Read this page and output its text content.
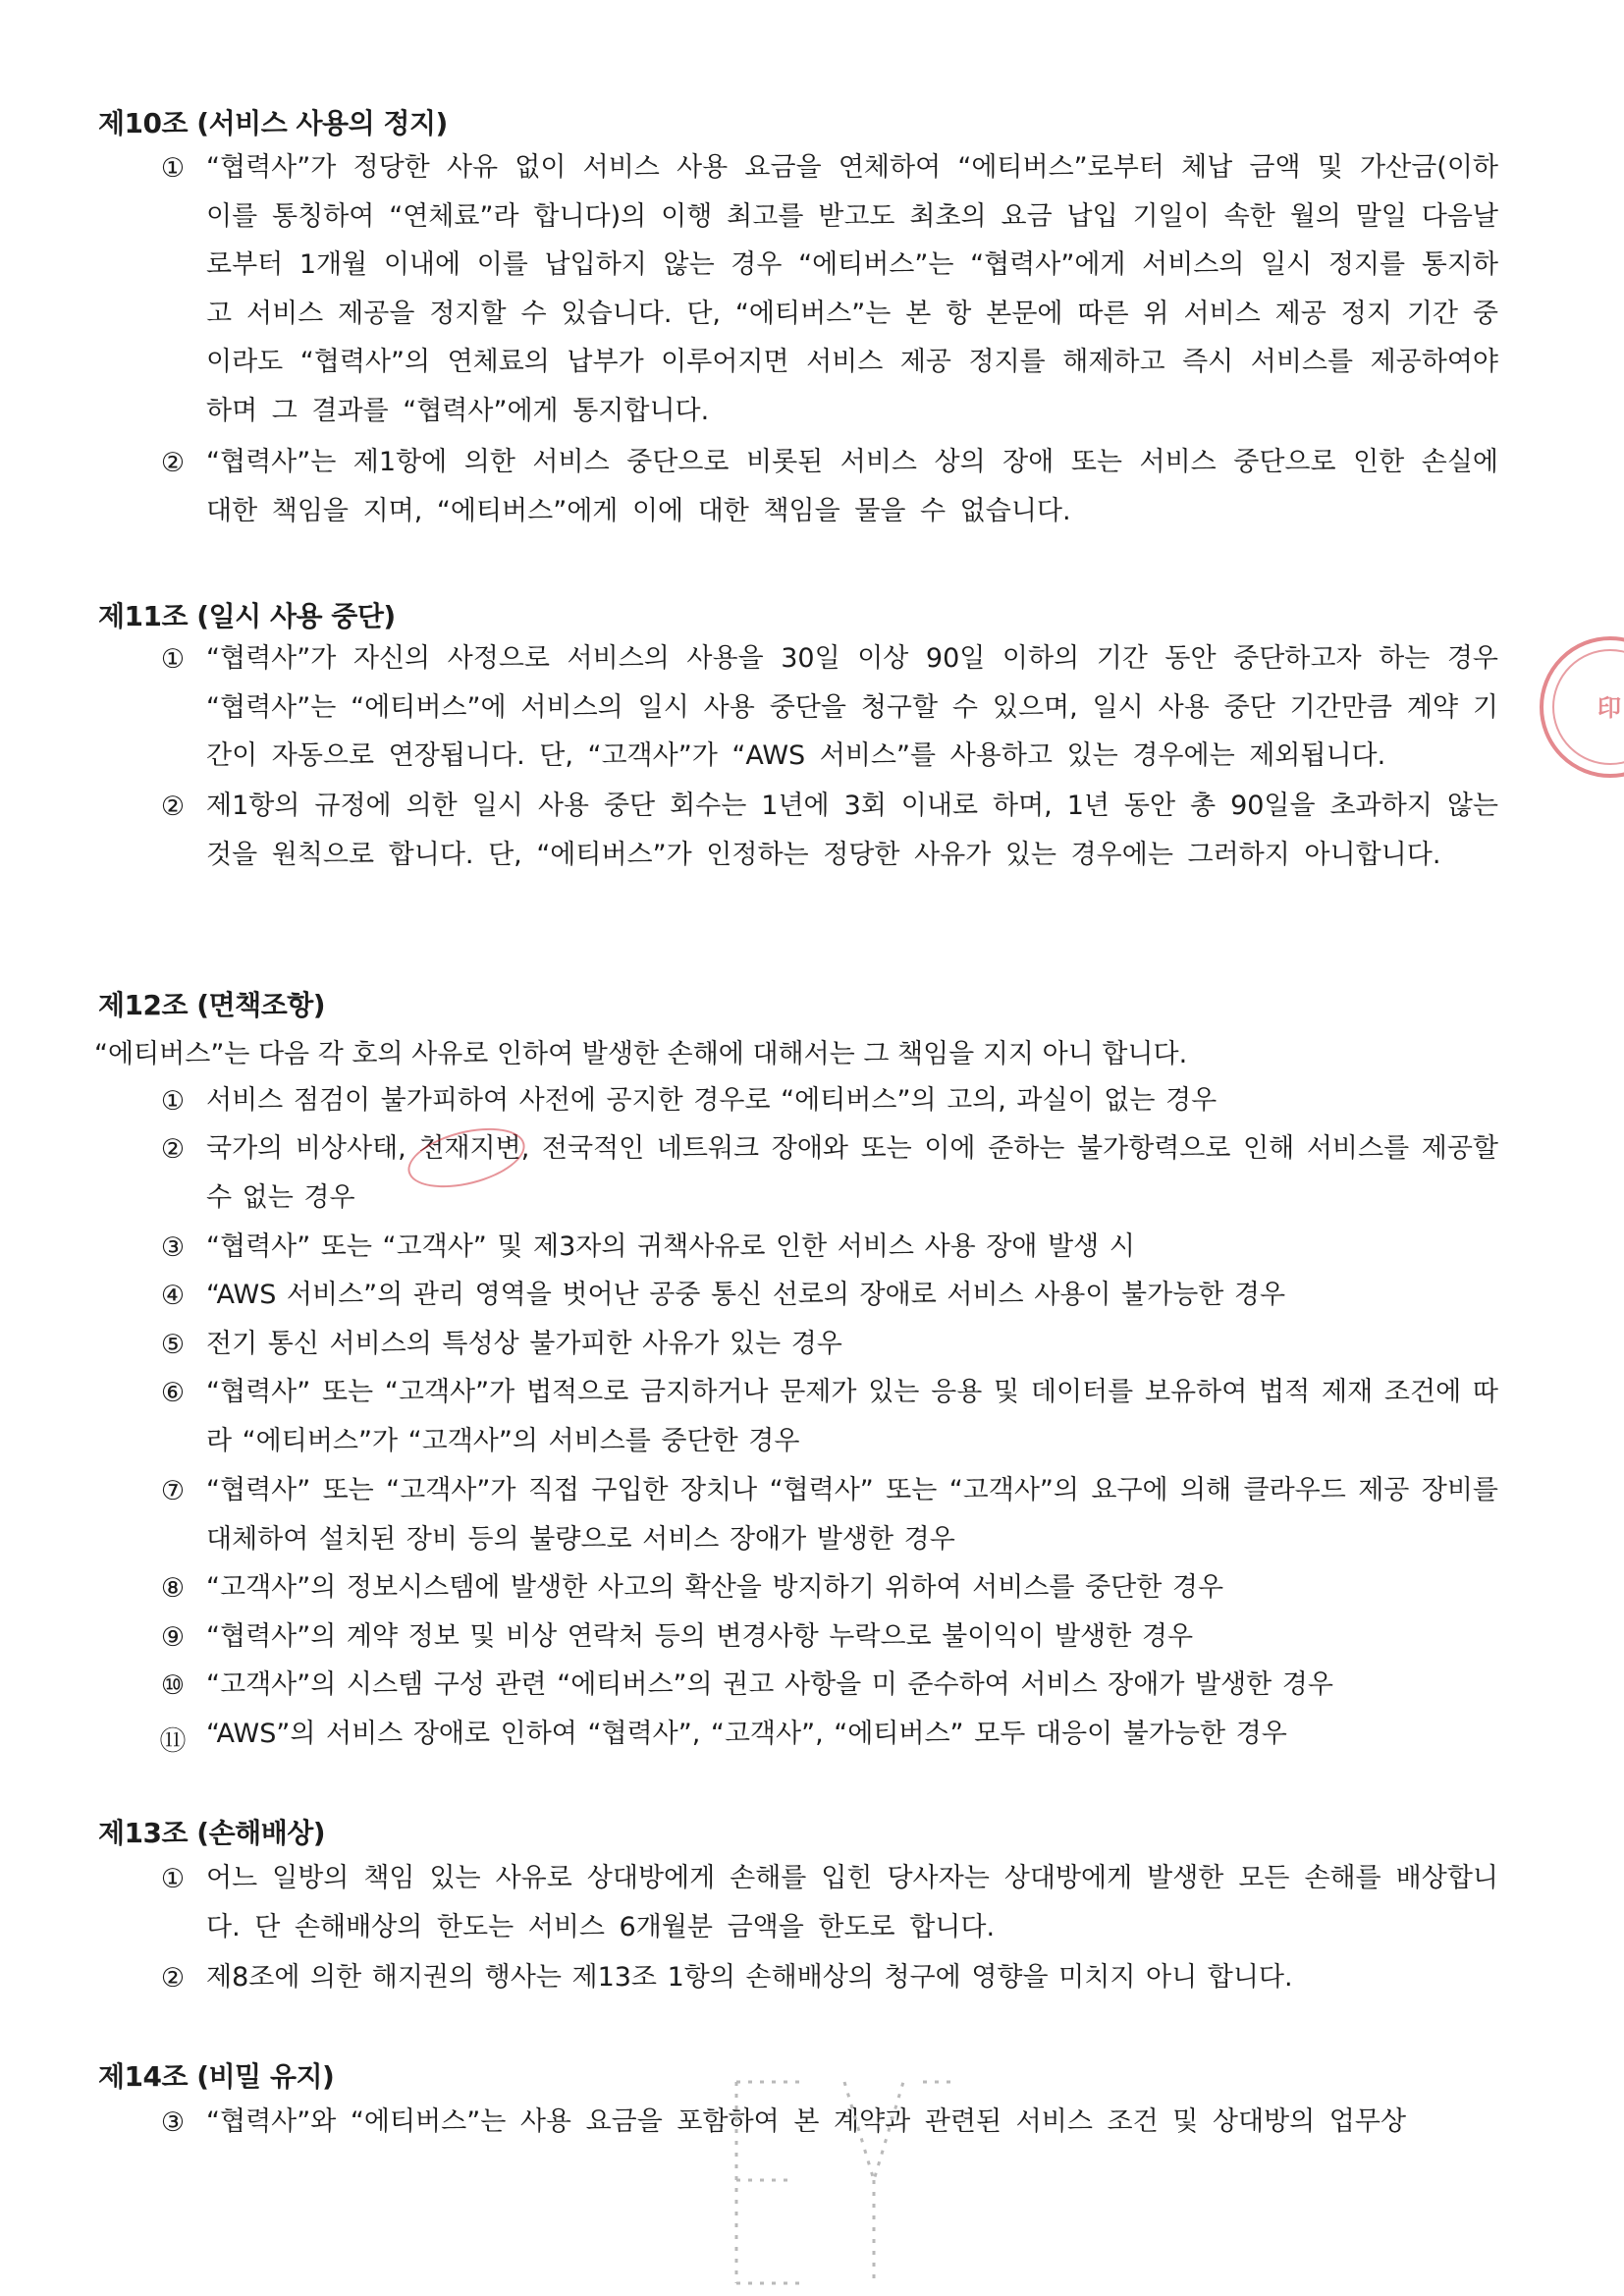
제10조 (서비스 사용의 정지)
① “협력사”가 정당한 사유 없이 서비스 사용 요금을 연체하여 “에티버스”로부터 체납 금액 및 가산금(이하 이를 통칭하여 “연체료”라 합니다)의 이행 최고를 받고도 최초의 요금 납입 기일이 속한 월의 말일 다음날로부터 1개월 이내에 이를 납입하지 않는 경우 “에티버스”는 “협력사”에게 서비스의 일시 정지를 통지하고 서비스 제공을 정지할 수 있습니다. 단, “에티버스”는 본 항 본문에 따른 위 서비스 제공 정지 기간 중이라도 “협력사”의 연체료의 납부가 이루어지면 서비스 제공 정지를 해제하고 즉시 서비스를 제공하여야 하며 그 결과를 “협력사”에게 통지합니다.
② “협력사”는 제1항에 의한 서비스 중단으로 비롯된 서비스 상의 장애 또는 서비스 중단으로 인한 손실에 대한 책임을 지며, “에티버스”에게 이에 대한 책임을 물을 수 없습니다.
제11조 (일시 사용 중단)
① “협력사”가 자신의 사정으로 서비스의 사용을 30일 이상 90일 이하의 기간 동안 중단하고자 하는 경우 “협력사”는 “에티버스”에 서비스의 일시 사용 중단을 청구할 수 있으며, 일시 사용 중단 기간만큼 계약 기간이 자동으로 연장됩니다. 단, “고객사”가 “AWS 서비스”를 사용하고 있는 경우에는 제외됩니다.
② 제1항의 규정에 의한 일시 사용 중단 회수는 1년에 3회 이내로 하며, 1년 동안 총 90일을 초과하지 않는 것을 원칙으로 합니다. 단, “에티버스”가 인정하는 정당한 사유가 있는 경우에는 그러하지 아니합니다.
제12조 (면책조항)
“에티버스”는 다음 각 호의 사유로 인하여 발생한 손해에 대해서는 그 책임을 지지 아니 합니다.
① 서비스 점검이 불가피하여 사전에 공지한 경우로 “에티버스”의 고의, 과실이 없는 경우
② 국가의 비상사태, 천재지변, 전국적인 네트워크 장애와 또는 이에 준하는 불가항력으로 인해 서비스를 제공할 수 없는 경우
③ “협력사” 또는 “고객사” 및 제3자의 귀책사유로 인한 서비스 사용 장애 발생 시
④ “AWS 서비스”의 관리 영역을 벗어난 공중 통신 선로의 장애로 서비스 사용이 불가능한 경우
⑤ 전기 통신 서비스의 특성상 불가피한 사유가 있는 경우
⑥ “협력사” 또는 “고객사”가 법적으로 금지하거나 문제가 있는 응용 및 데이터를 보유하여 법적 제재 조건에 따라 “에티버스”가 “고객사”의 서비스를 중단한 경우
⑦ “협력사” 또는 “고객사”가 직접 구입한 장치나 “협력사” 또는 “고객사”의 요구에 의해 클라우드 제공 장비를 대체하여 설치된 장비 등의 불량으로 서비스 장애가 발생한 경우
⑧ “고객사”의 정보시스템에 발생한 사고의 확산을 방지하기 위하여 서비스를 중단한 경우
⑨ “협력사”의 계약 정보 및 비상 연락처 등의 변경사항 누락으로 불이익이 발생한 경우
⑩ “고객사”의 시스템 구성 관련 “에티버스”의 권고 사항을 미 준수하여 서비스 장애가 발생한 경우
⑪ “AWS”의 서비스 장애로 인하여 “협력사”, “고객사”, “에티버스” 모두 대응이 불가능한 경우
제13조 (손해배상)
① 어느 일방의 책임 있는 사유로 상대방에게 손해를 입힌 당사자는 상대방에게 발생한 모든 손해를 배상합니다. 단 손해배상의 한도는 서비스 6개월분 금액을 한도로 합니다.
② 제8조에 의한 해지권의 행사는 제13조 1항의 손해배상의 청구에 영향을 미치지 아니 합니다.
제14조 (비밀 유지)
③ “협력사”와 “에티버스”는 사용 요금을 포함하여 본 계약과 관련된 서비스 조건 및 상대방의 업무상
印
